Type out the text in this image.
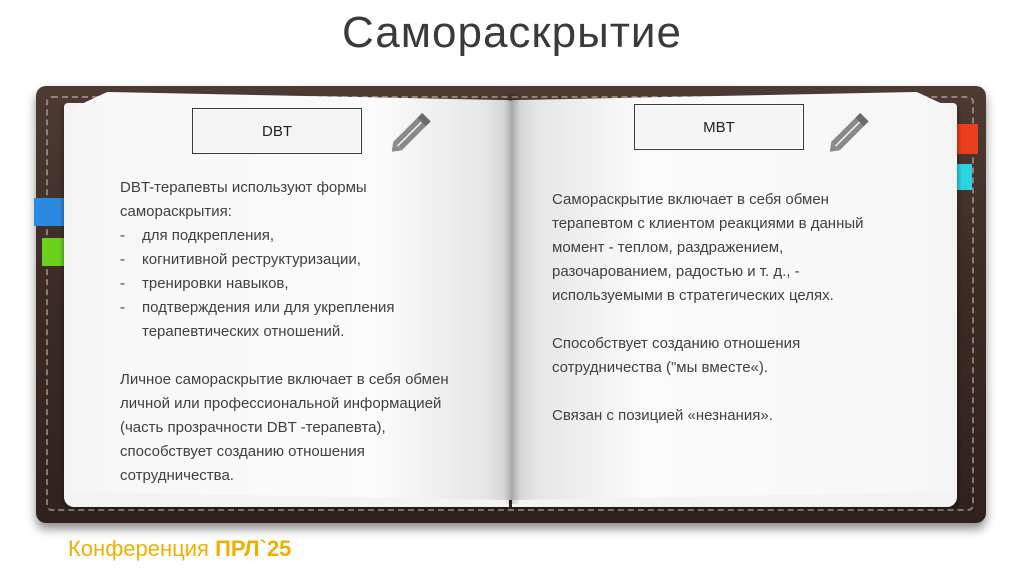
Самораскрытие
DBT

DBT-терапевты используют формы самораскрытия:

- для подкрепления,
- когнитивной реструктуризации,
- тренировки навыков,
- подтверждения или для укрепления терапевтических отношений.

Личное самораскрытие включает в себя обмен личной или профессиональной информацией (часть прозрачности DBT -терапевта), способствует созданию отношения сотрудничества.

MBT

Самораскрытие включает в себя обмен терапевтом с клиентом реакциями в данный момент - теплом, раздражением, разочарованием, радостью и т. д., - используемыми в стратегических целях.

Способствует созданию отношения сотрудничества ("мы вместе«).

Связан с позицией «незнания».

Конференция ПРЛ`25
